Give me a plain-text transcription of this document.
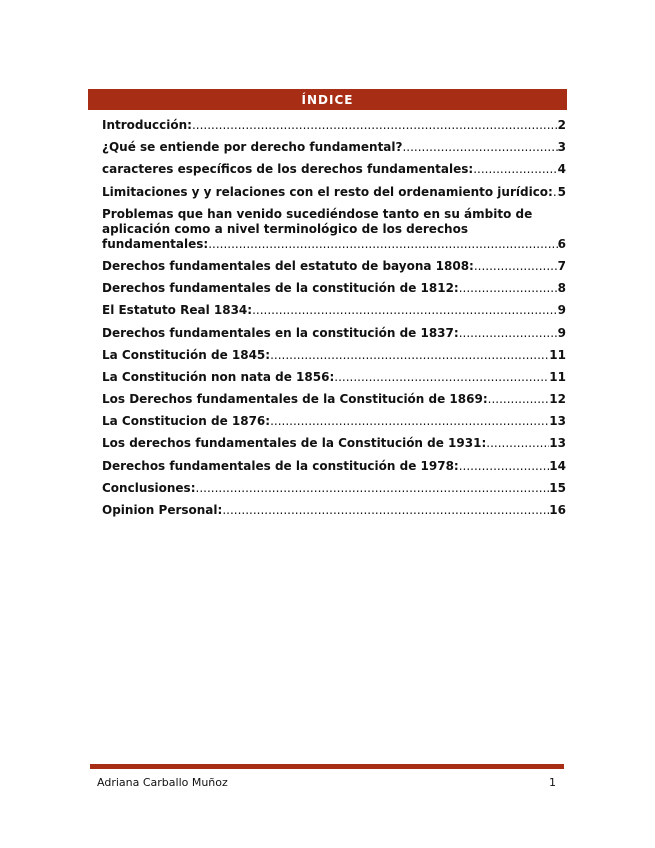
ÍNDICE
Introducción: .....	2
¿Qué se entiende por derecho fundamental? .....	3
caracteres específicos de los derechos fundamentales: .....	4
Limitaciones y y relaciones con el resto del ordenamiento jurídico: ..... 5
Problemas que han venido sucediéndose tanto en su ámbito de
aplicación como a nivel terminológico de los derechos
fundamentales: .....	6
Derechos fundamentales del estatuto de bayona 1808: .....	7
Derechos fundamentales de la constitución de 1812: .....	8
El Estatuto Real 1834: .....	9
Derechos fundamentales en la constitución de 1837: .....	9
La Constitución de 1845: .....	11
La Constitución non nata de 1856: .....	11
Los Derechos fundamentales de la Constitución de 1869: .....	12
La Constitucion de 1876: .....	13
Los derechos fundamentales de la Constitución de 1931: .....	13
Derechos fundamentales de la constitución de 1978: .....	14
Conclusiones: .....	15
Opinion Personal: .....	16
Adriana Carballo Muñoz	1
